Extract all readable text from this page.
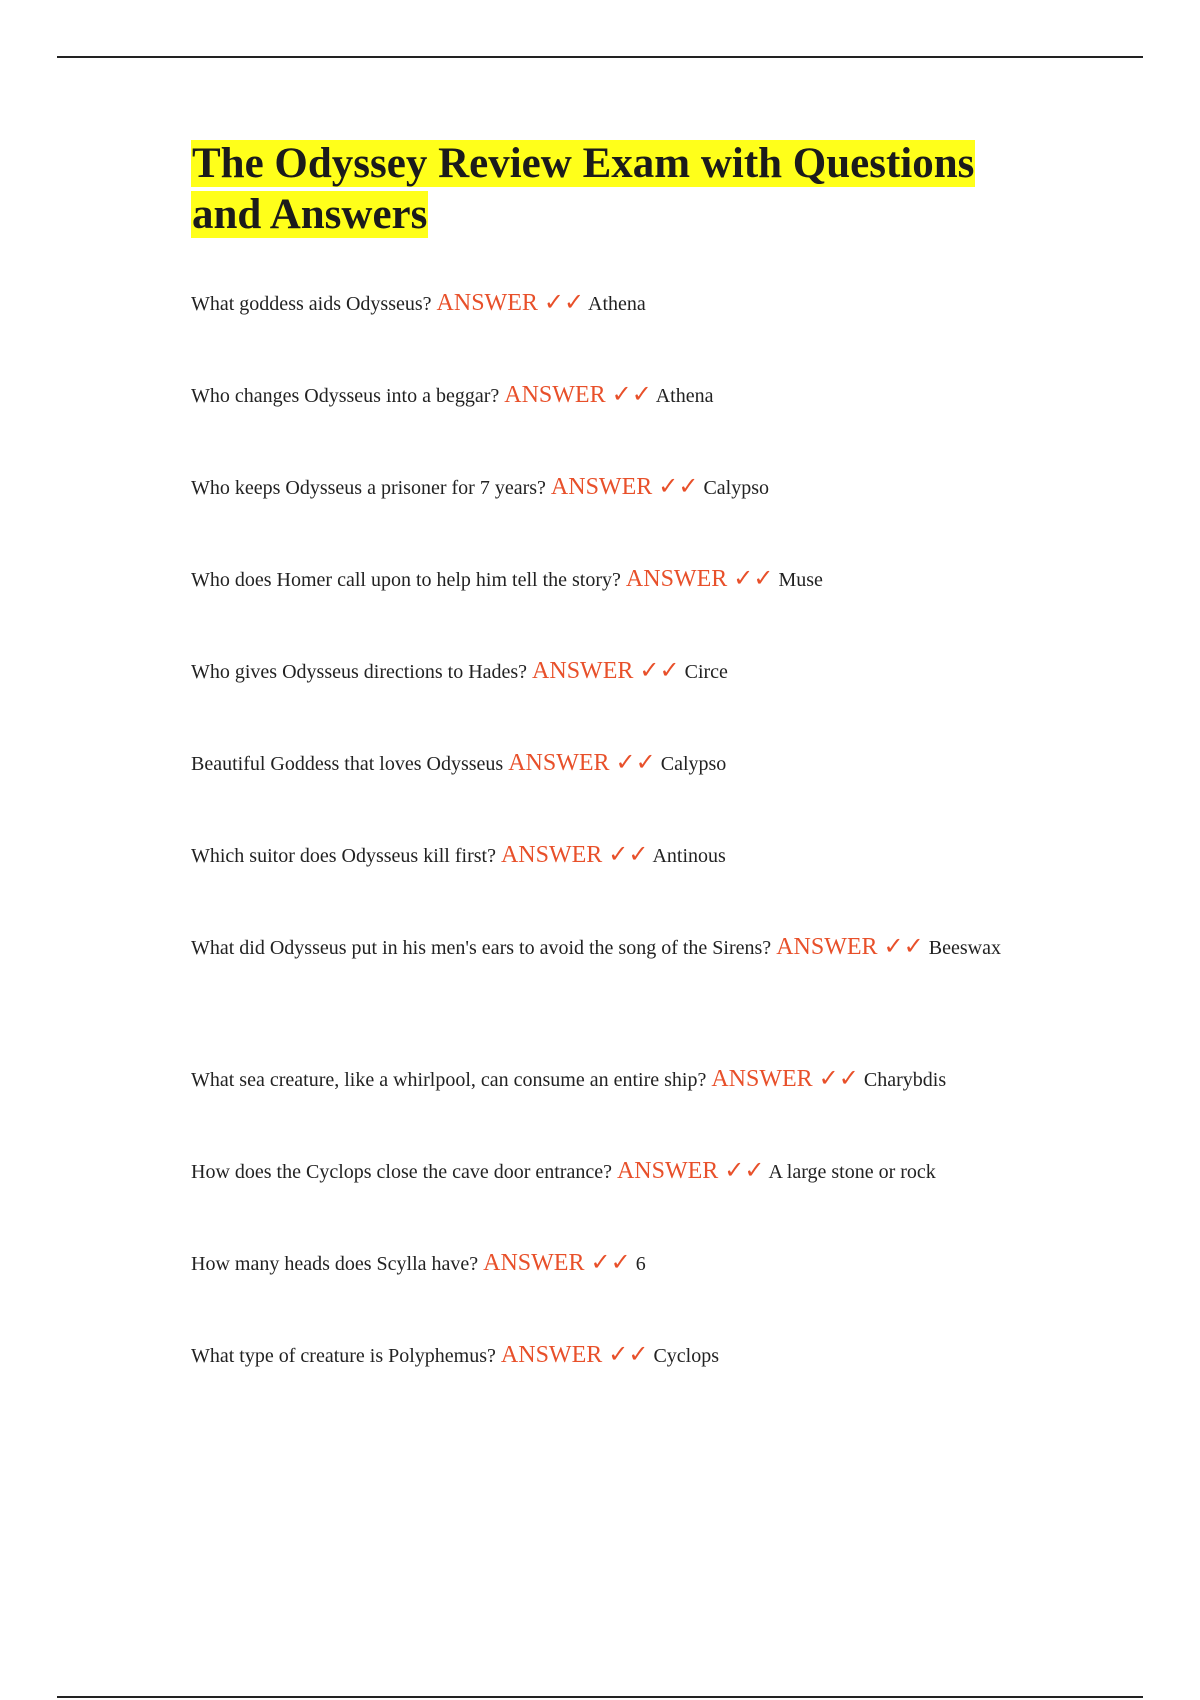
The Odyssey Review Exam with Questions and Answers
What goddess aids Odysseus? ANSWER ✓✓ Athena
Who changes Odysseus into a beggar? ANSWER ✓✓ Athena
Who keeps Odysseus a prisoner for 7 years? ANSWER ✓✓ Calypso
Who does Homer call upon to help him tell the story? ANSWER ✓✓ Muse
Who gives Odysseus directions to Hades? ANSWER ✓✓ Circe
Beautiful Goddess that loves Odysseus ANSWER ✓✓ Calypso
Which suitor does Odysseus kill first? ANSWER ✓✓ Antinous
What did Odysseus put in his men's ears to avoid the song of the Sirens? ANSWER ✓✓ Beeswax
What sea creature, like a whirlpool, can consume an entire ship? ANSWER ✓✓ Charybdis
How does the Cyclops close the cave door entrance? ANSWER ✓✓ A large stone or rock
How many heads does Scylla have? ANSWER ✓✓ 6
What type of creature is Polyphemus? ANSWER ✓✓ Cyclops
